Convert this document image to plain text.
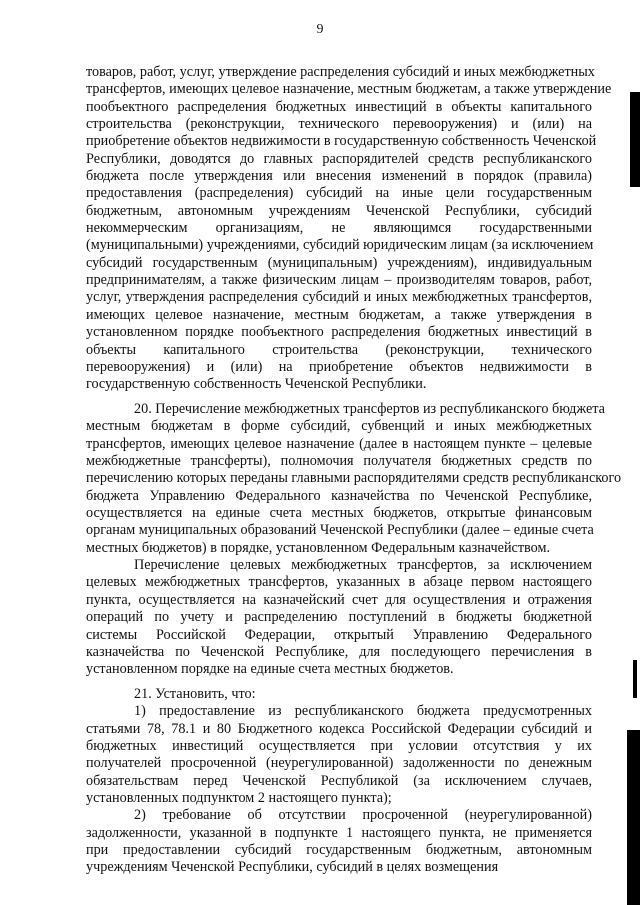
9
товаров, работ, услуг, утверждение распределения субсидий и иных межбюджетных
трансфертов, имеющих целевое назначение, местным бюджетам, а также утверждение
пообъектного распределения бюджетных инвестиций в объекты капитального
строительства (реконструкции, технического перевооружения) и (или) на
приобретение объектов недвижимости в государственную собственность Чеченской
Республики, доводятся до главных распорядителей средств республиканского
бюджета после утверждения или внесения изменений в порядок (правила)
предоставления (распределения) субсидий на иные цели государственным
бюджетным, автономным учреждениям Чеченской Республики, субсидий
некоммерческим организациям, не являющимся государственными
(муниципальными) учреждениями, субсидий юридическим лицам (за исключением
субсидий государственным (муниципальным) учреждениям), индивидуальным
предпринимателям, а также физическим лицам – производителям товаров, работ,
услуг, утверждения распределения субсидий и иных межбюджетных трансфертов,
имеющих целевое назначение, местным бюджетам, а также утверждения в
установленном порядке пообъектного распределения бюджетных инвестиций в
объекты капитального строительства (реконструкции, технического
перевооружения) и (или) на приобретение объектов недвижимости в
государственную собственность Чеченской Республики.
20. Перечисление межбюджетных трансфертов из республиканского бюджета
местным бюджетам в форме субсидий, субвенций и иных межбюджетных
трансфертов, имеющих целевое назначение (далее в настоящем пункте – целевые
межбюджетные трансферты), полномочия получателя бюджетных средств по
перечислению которых переданы главными распорядителями средств республиканского
бюджета Управлению Федерального казначейства по Чеченской Республике,
осуществляется на единые счета местных бюджетов, открытые финансовым
органам муниципальных образований Чеченской Республики (далее – единые счета
местных бюджетов) в порядке, установленном Федеральным казначейством.
Перечисление целевых межбюджетных трансфертов, за исключением
целевых межбюджетных трансфертов, указанных в абзаце первом настоящего
пункта, осуществляется на казначейский счет для осуществления и отражения
операций по учету и распределению поступлений в бюджеты бюджетной
системы Российской Федерации, открытый Управлению Федерального
казначейства по Чеченской Республике, для последующего перечисления в
установленном порядке на единые счета местных бюджетов.
21. Установить, что:
1) предоставление из республиканского бюджета предусмотренных
статьями 78, 78.1 и 80 Бюджетного кодекса Российской Федерации субсидий и
бюджетных инвестиций осуществляется при условии отсутствия у их
получателей просроченной (неурегулированной) задолженности по денежным
обязательствам перед Чеченской Республикой (за исключением случаев,
установленных подпунктом 2 настоящего пункта);
2) требование об отсутствии просроченной (неурегулированной)
задолженности, указанной в подпункте 1 настоящего пункта, не применяется
при предоставлении субсидий государственным бюджетным, автономным
учреждениям Чеченской Республики, субсидий в целях возмещения
